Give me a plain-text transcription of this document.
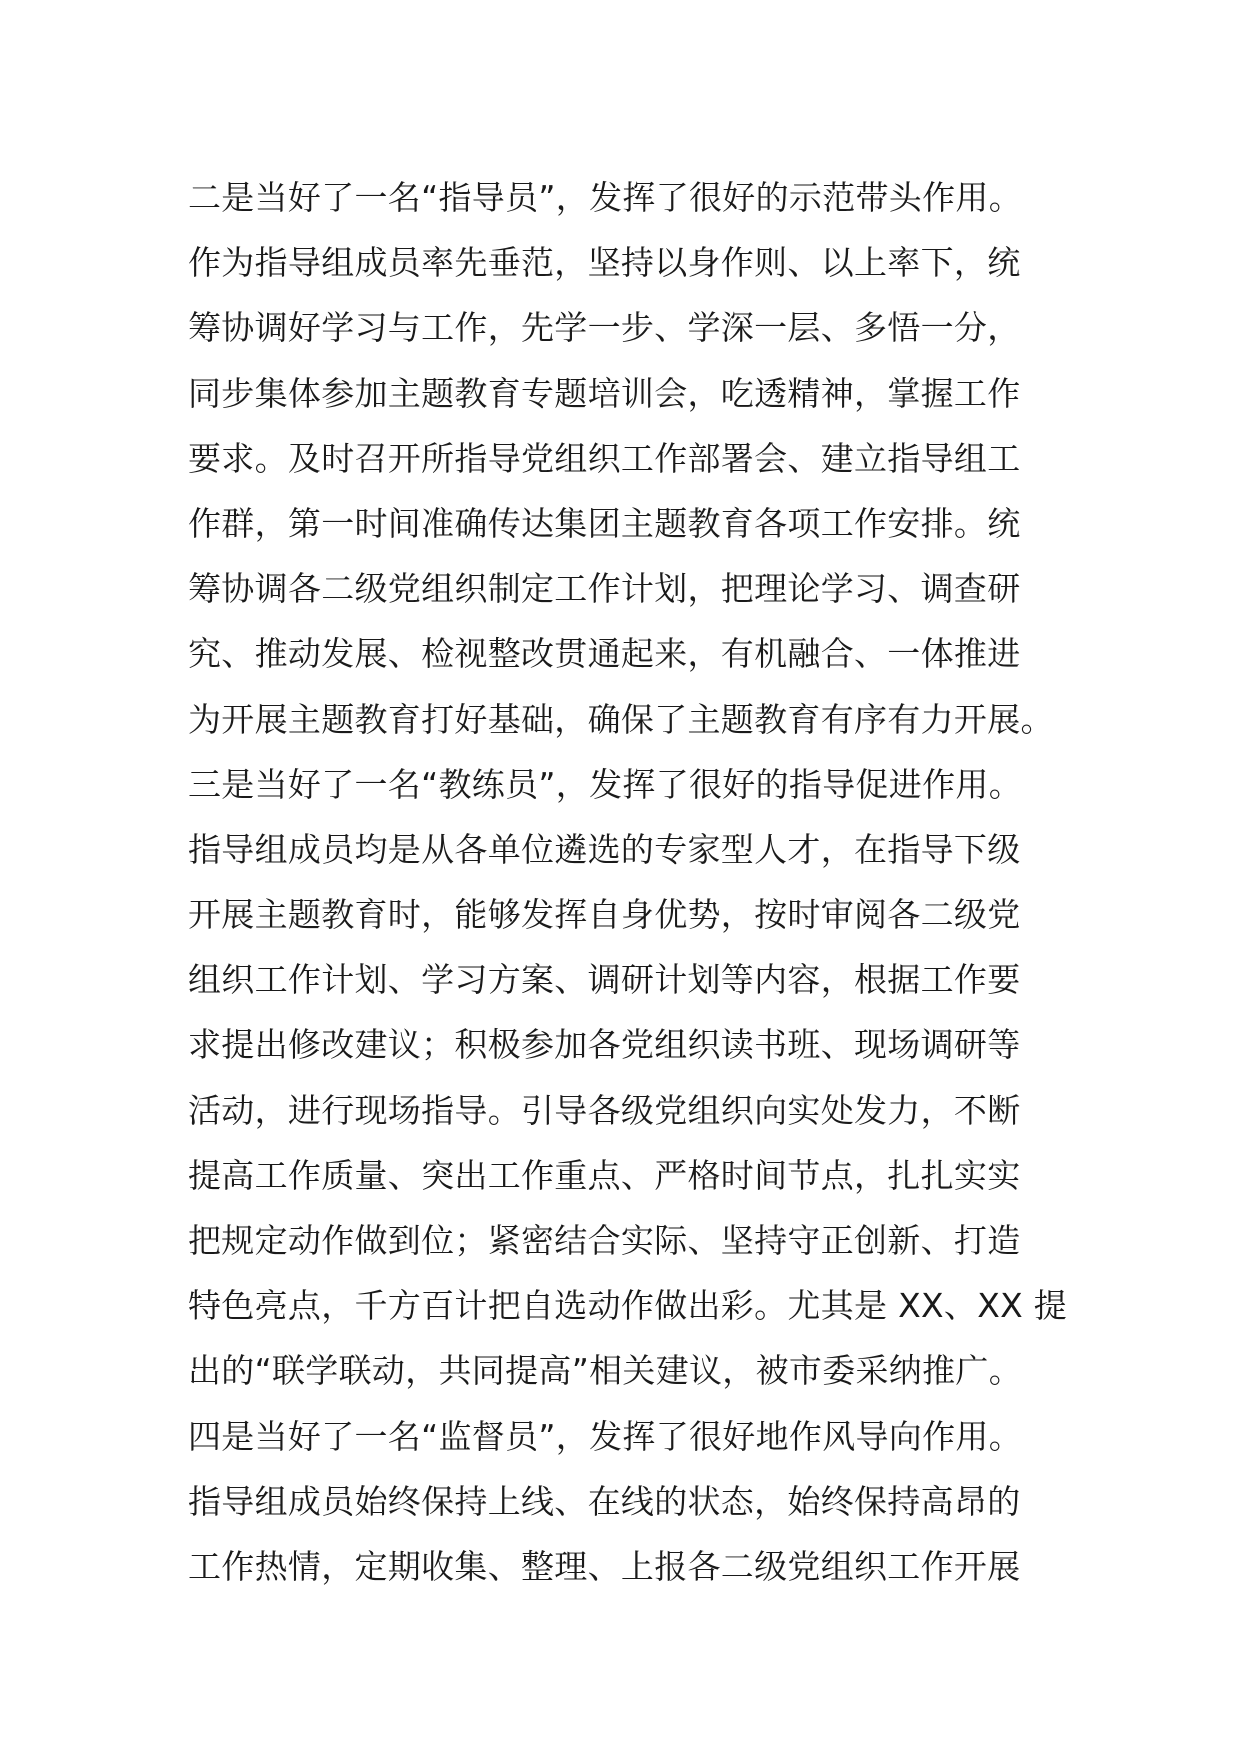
二是当好了一名“指导员”，发挥了很好的示范带头作用。
作为指导组成员率先垂范，坚持以身作则、以上率下，统
筹协调好学习与工作，先学一步、学深一层、多悟一分，
同步集体参加主题教育专题培训会，吃透精神，掌握工作
要求。及时召开所指导党组织工作部署会、建立指导组工
作群，第一时间准确传达集团主题教育各项工作安排。统
筹协调各二级党组织制定工作计划，把理论学习、调查研
究、推动发展、检视整改贯通起来，有机融合、一体推进
为开展主题教育打好基础，确保了主题教育有序有力开展。
三是当好了一名“教练员”，发挥了很好的指导促进作用。
指导组成员均是从各单位遴选的专家型人才，在指导下级
开展主题教育时，能够发挥自身优势，按时审阅各二级党
组织工作计划、学习方案、调研计划等内容，根据工作要
求提出修改建议；积极参加各党组织读书班、现场调研等
活动，进行现场指导。引导各级党组织向实处发力，不断
提高工作质量、突出工作重点、严格时间节点，扎扎实实
把规定动作做到位；紧密结合实际、坚持守正创新、打造
特色亮点，千方百计把自选动作做出彩。尤其是 XX、XX 提
出的“联学联动，共同提高”相关建议，被市委采纳推广。
四是当好了一名“监督员”，发挥了很好地作风导向作用。
指导组成员始终保持上线、在线的状态，始终保持高昂的
工作热情，定期收集、整理、上报各二级党组织工作开展
